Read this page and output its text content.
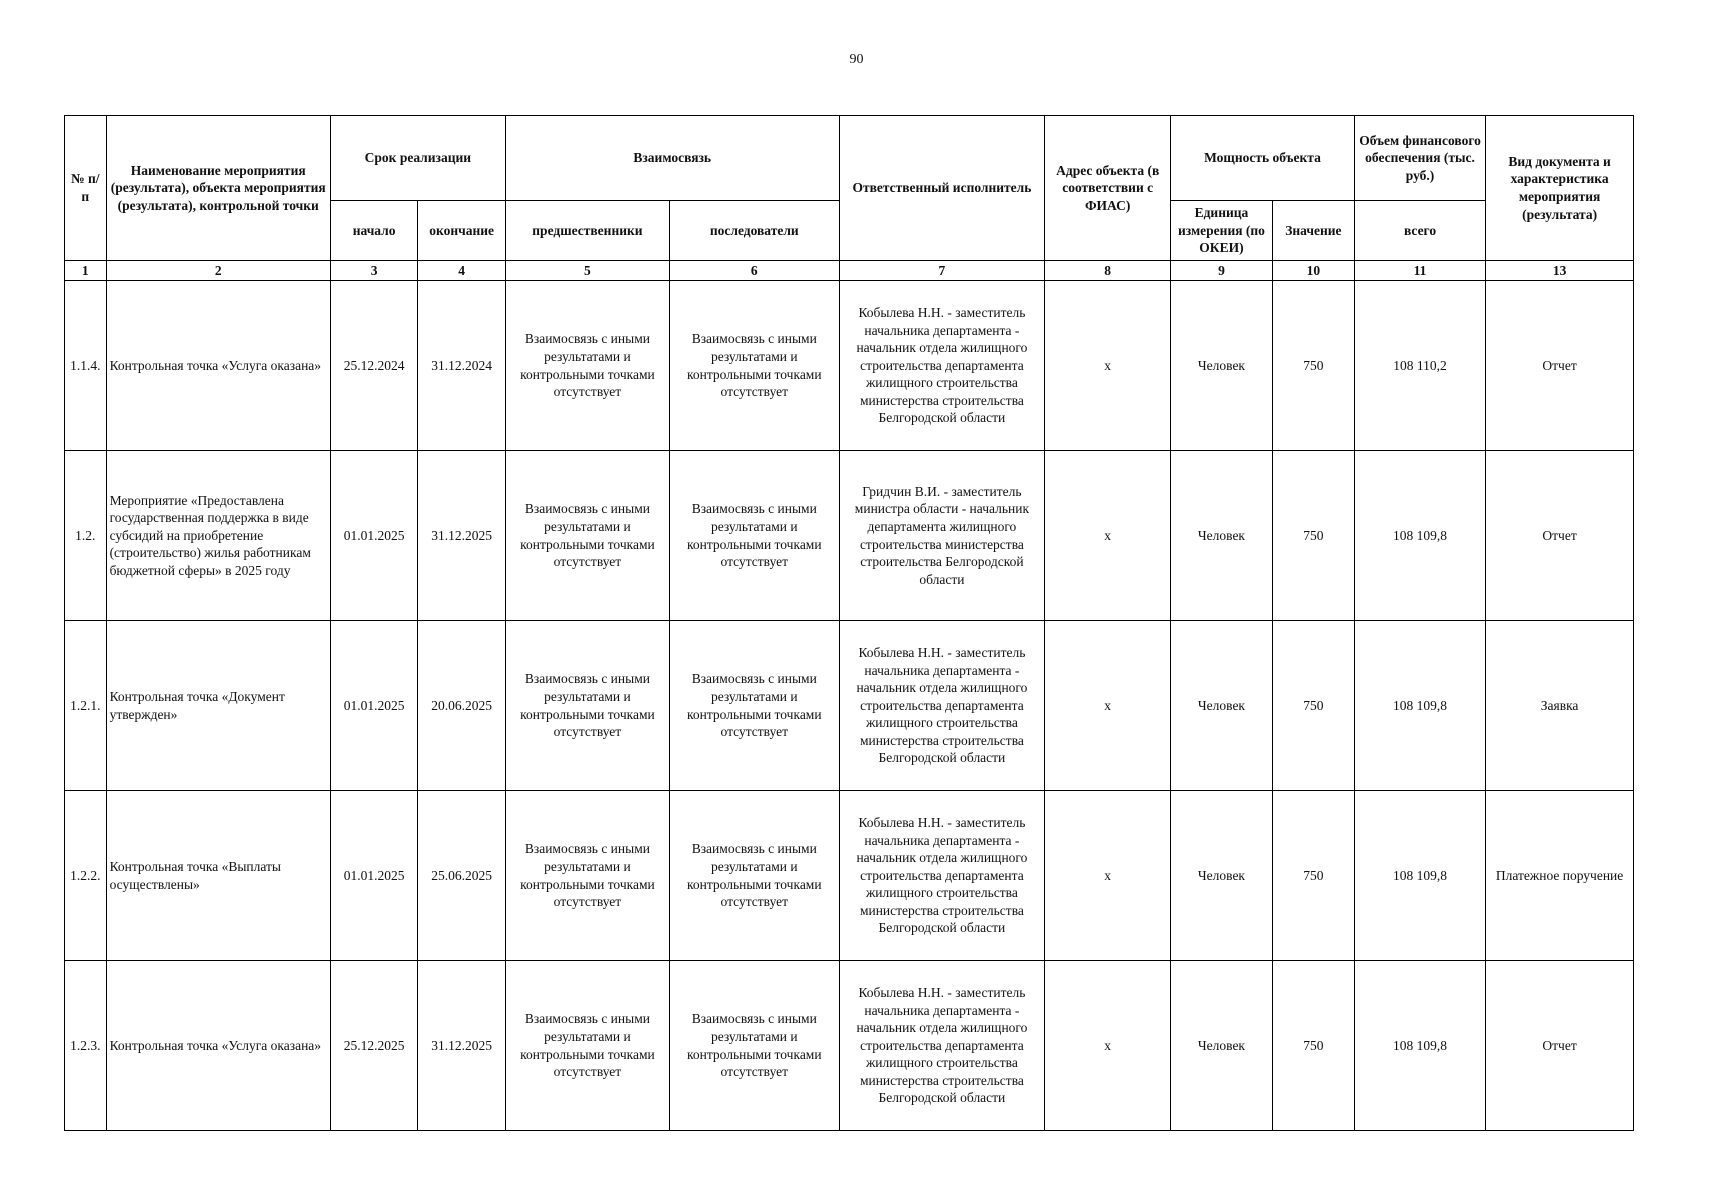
90
№ п/п	Наименование мероприятия (результата), объекта мероприятия (результата), контрольной точки	Срок реализации		Взаимосвязь		Ответственный исполнитель	Адрес объекта (в соответствии с ФИАС)	Мощность объекта		Объем финансового обеспечения (тыс. руб.)	Вид документа и характеристика мероприятия (результата)
		начало	окончание	предшественники	последователи			Единица измерения (по ОКЕИ)	Значение	всего	
1	2	3	4	5	6	7	8	9	10	11	13
1.1.4.	Контрольная точка «Услуга оказана»	25.12.2024	31.12.2024	Взаимосвязь с иными результатами и контрольными точками отсутствует	Взаимосвязь с иными результатами и контрольными точками отсутствует	Кобылева Н.Н. - заместитель начальника департамента - начальник отдела жилищного строительства департамента жилищного строительства министерства строительства Белгородской области	x	Человек	750	108 110,2	Отчет
1.2.	Мероприятие «Предоставлена государственная поддержка в виде субсидий на приобретение (строительство) жилья работникам бюджетной сферы» в 2025 году	01.01.2025	31.12.2025	Взаимосвязь с иными результатами и контрольными точками отсутствует	Взаимосвязь с иными результатами и контрольными точками отсутствует	Гридчин В.И. - заместитель министра области - начальник департамента жилищного строительства министерства строительства Белгородской области	x	Человек	750	108 109,8	Отчет
1.2.1.	Контрольная точка «Документ утвержден»	01.01.2025	20.06.2025	Взаимосвязь с иными результатами и контрольными точками отсутствует	Взаимосвязь с иными результатами и контрольными точками отсутствует	Кобылева Н.Н. - заместитель начальника департамента - начальник отдела жилищного строительства департамента жилищного строительства министерства строительства Белгородской области	x	Человек	750	108 109,8	Заявка
1.2.2.	Контрольная точка «Выплаты осуществлены»	01.01.2025	25.06.2025	Взаимосвязь с иными результатами и контрольными точками отсутствует	Взаимосвязь с иными результатами и контрольными точками отсутствует	Кобылева Н.Н. - заместитель начальника департамента - начальник отдела жилищного строительства департамента жилищного строительства министерства строительства Белгородской области	x	Человек	750	108 109,8	Платежное поручение
1.2.3.	Контрольная точка «Услуга оказана»	25.12.2025	31.12.2025	Взаимосвязь с иными результатами и контрольными точками отсутствует	Взаимосвязь с иными результатами и контрольными точками отсутствует	Кобылева Н.Н. - заместитель начальника департамента - начальник отдела жилищного строительства департамента жилищного строительства министерства строительства Белгородской области	x	Человек	750	108 109,8	Отчет
